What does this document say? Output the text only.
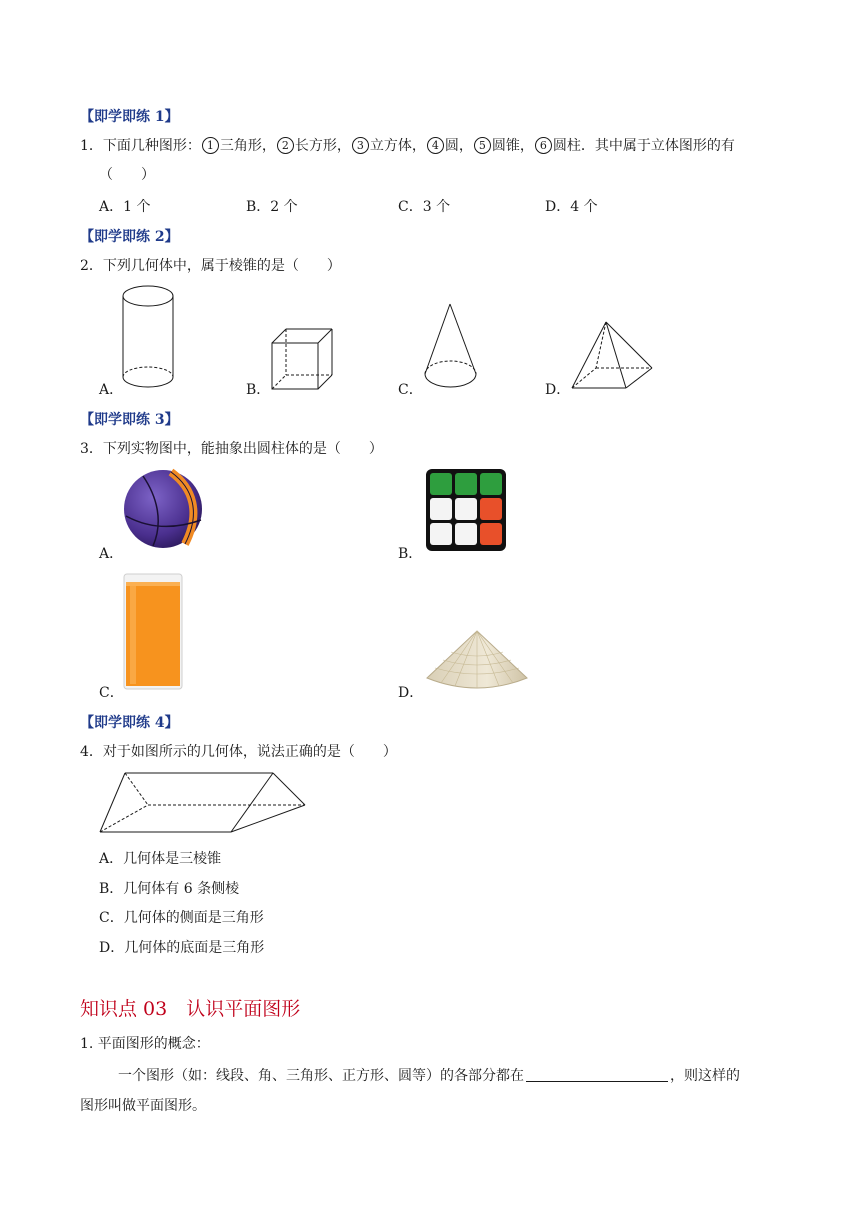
【即学即练 1】
1．下面几种图形： 1 三角形， 2 长方形， 3 立方体， 4 圆， 5 圆锥， 6 圆柱．其中属于立体图形的有
（　　）
A．1 个	B．2 个	C．3 个	D．4 个
【即学即练 2】
2．下列几何体中，属于棱锥的是（　　）
A．	B．	C．	D．
【即学即练 3】
3．下列实物图中，能抽象出圆柱体的是（　　）
A．	B．
C．	D．
【即学即练 4】
4．对于如图所示的几何体，说法正确的是（　　）
A．几何体是三棱锥
B．几何体有 6 条侧棱
C．几何体的侧面是三角形
D．几何体的底面是三角形
知识点 03　认识平面图形
1. 平面图形的概念：
一个图形（如：线段、角、三角形、正方形、圆等）的各部分都在	，则这样的
图形叫做平面图形。
